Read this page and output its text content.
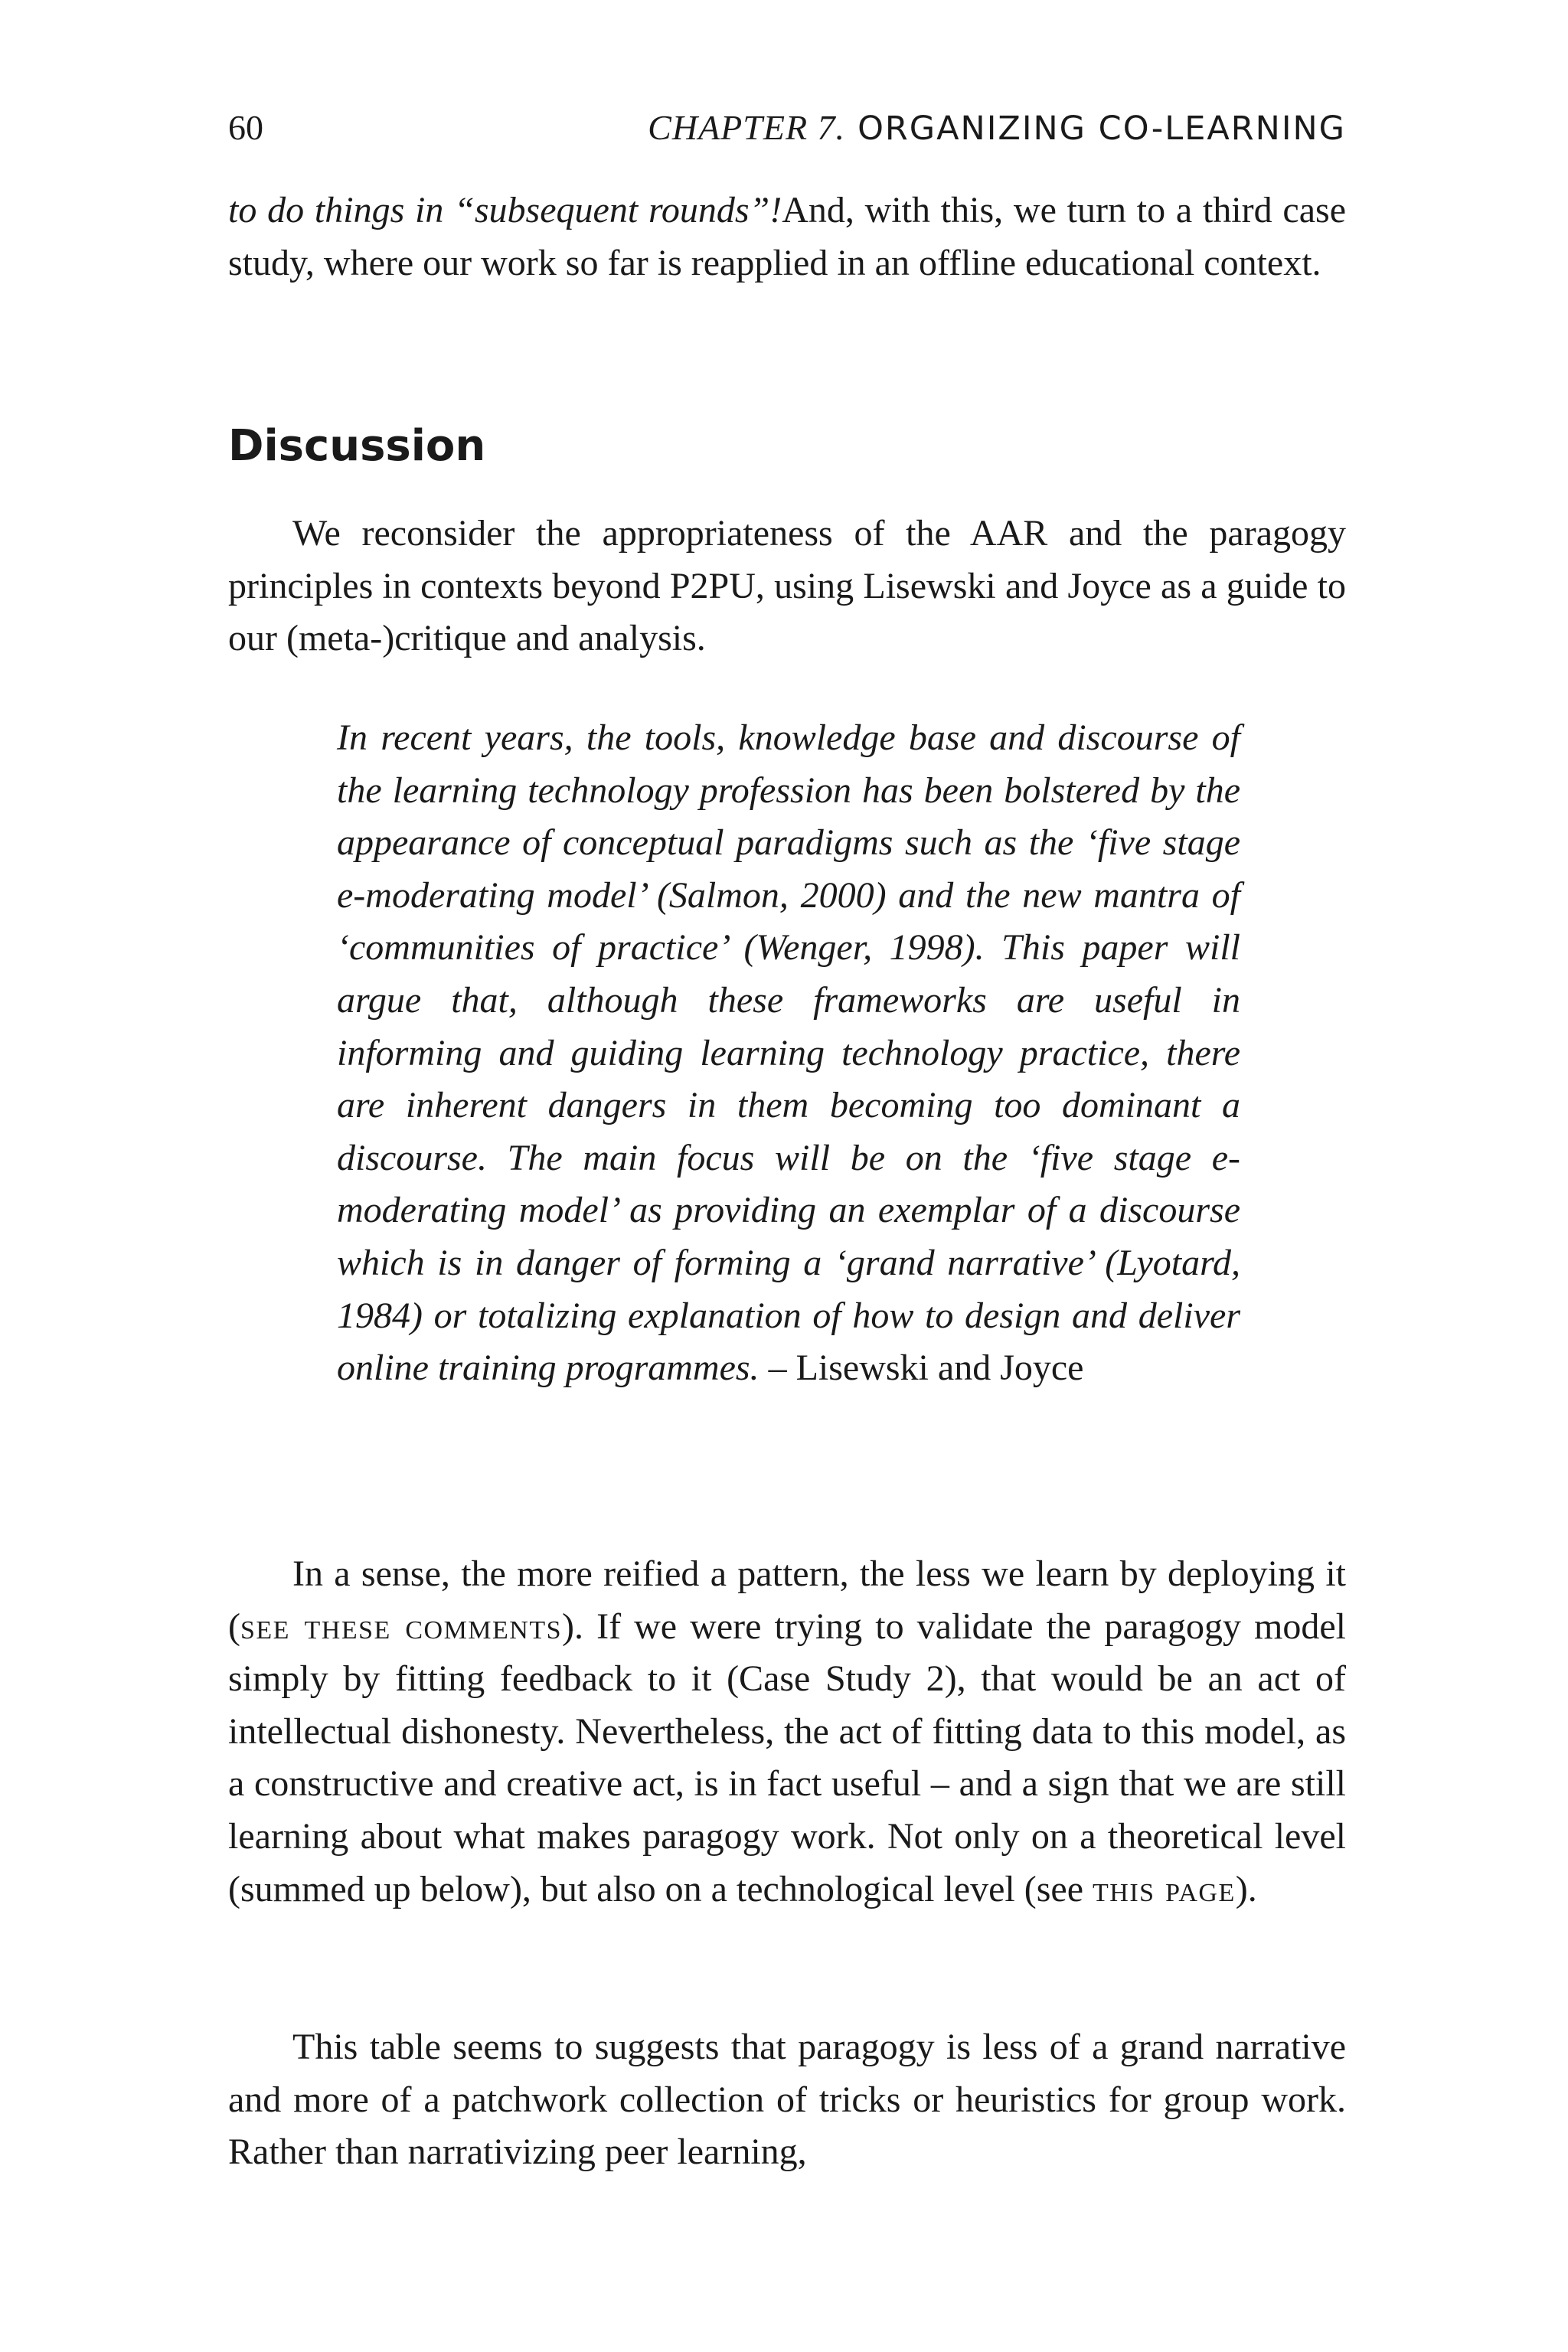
60	CHAPTER 7. ORGANIZING CO-LEARNING

to do things in “subsequent rounds”!And, with this, we turn to a third case study, where our work so far is reapplied in an offline educational context.

Discussion

We reconsider the appropriateness of the AAR and the paragogy principles in contexts beyond P2PU, using Lisewski and Joyce as a guide to our (meta-)critique and analysis.

In recent years, the tools, knowledge base and discourse of the learning technology profession has been bolstered by the appearance of conceptual paradigms such as the ‘five stage e-moderating model’ (Salmon, 2000) and the new mantra of ‘communities of practice’ (Wenger, 1998). This paper will argue that, although these frameworks are useful in informing and guiding learning technology practice, there are inherent dangers in them becoming too dominant a discourse. The main focus will be on the ‘five stage e-moderating model’ as providing an exemplar of a discourse which is in danger of forming a ‘grand narrative’ (Lyotard, 1984) or totalizing explanation of how to design and deliver online training programmes. – Lisewski and Joyce

In a sense, the more reified a pattern, the less we learn by deploying it (see these comments). If we were trying to validate the paragogy model simply by fitting feedback to it (Case Study 2), that would be an act of intellectual dishonesty. Nevertheless, the act of fitting data to this model, as a constructive and creative act, is in fact useful – and a sign that we are still learning about what makes paragogy work. Not only on a theoretical level (summed up below), but also on a technological level (see this page).

This table seems to suggests that paragogy is less of a grand narrative and more of a patchwork collection of tricks or heuristics for group work. Rather than narrativizing peer learning,
